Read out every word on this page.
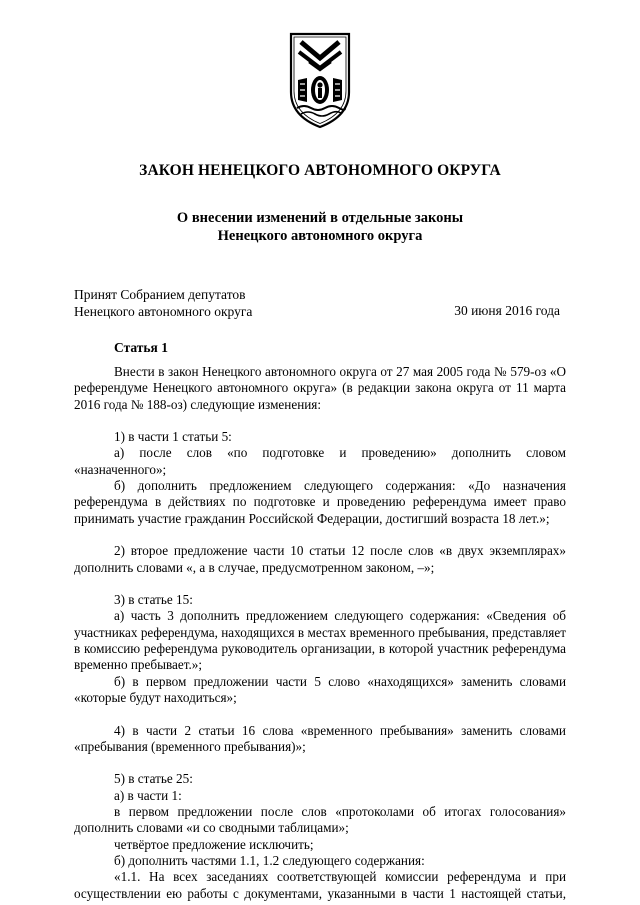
ЗАКОН НЕНЕЦКОГО АВТОНОМНОГО ОКРУГА
О внесении изменений в отдельные законы
Ненецкого автономного округа
Принят Собранием депутатов
Ненецкого автономного округа	30 июня 2016 года
Статья 1

Внести в закон Ненецкого автономного округа от 27 мая 2005 года № 579-оз «О референдуме Ненецкого автономного округа» (в редакции закона округа от 11 марта 2016 года № 188-оз) следующие изменения:

1) в части 1 статьи 5:

а) после слов «по подготовке и проведению» дополнить словом «назначенного»;

б) дополнить предложением следующего содержания: «До назначения референдума в действиях по подготовке и проведению референдума имеет право принимать участие гражданин Российской Федерации, достигший возраста 18 лет.»;

2) второе предложение части 10 статьи 12 после слов «в двух экземплярах» дополнить словами «, а в случае, предусмотренном законом, –»;

3) в статье 15:

а) часть 3 дополнить предложением следующего содержания: «Сведения об участниках референдума, находящихся в местах временного пребывания, представляет в комиссию референдума руководитель организации, в которой участник референдума временно пребывает.»;

б) в первом предложении части 5 слово «находящихся» заменить словами «которые будут находиться»;

4) в части 2 статьи 16 слова «временного пребывания» заменить словами «пребывания (временного пребывания)»;

5) в статье 25:

а) в части 1:

в первом предложении после слов «протоколами об итогах голосования» дополнить словами «и со сводными таблицами»;

четвёртое предложение исключить;

б) дополнить частями 1.1, 1.2 следующего содержания:

«1.1. На всех заседаниях соответствующей комиссии референдума и при осуществлении ею работы с документами, указанными в части 1 настоящей статьи,
